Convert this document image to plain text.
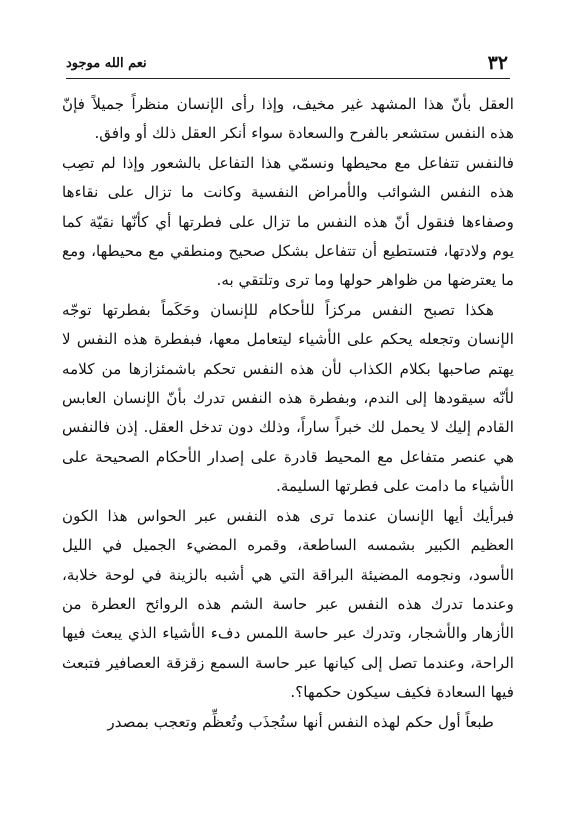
٣٢
نعم الله موجود

العقل بأنّ هذا المشهد غير مخيف، وإذا رأى الإنسان منظراً جميلاً فإنّ هذه النفس ستشعر بالفرح والسعادة سواء أنكر العقل ذلك أو وافق.

فالنفس تتفاعل مع محيطها ونسمّي هذا التفاعل بالشعور وإذا لم تصِب هذه النفس الشوائب والأمراض النفسية وكانت ما تزال على نقاءها وصفاءها فنقول أنّ هذه النفس ما تزال على فطرتها أي كأنّها نقيّة كما يوم ولادتها، فتستطيع أن تتفاعل بشكل صحيح ومنطقي مع محيطها، ومع ما يعترضها من ظواهر حولها وما ترى وتلتقي به.

هكذا تصبح النفس مركزاً للأحكام للإنسان وحَكَماً بفطرتها توجّه الإنسان وتجعله يحكم على الأشياء ليتعامل معها، فبفطرة هذه النفس لا يهتم صاحبها بكلام الكذاب لأن هذه النفس تحكم باشمئزازها من كلامه لأنّه سيقودها إلى الندم، وبفطرة هذه النفس تدرك بأنّ الإنسان العابس القادم إليك لا يحمل لك خبراً ساراً، وذلك دون تدخل العقل. إذن فالنفس هي عنصر متفاعل مع المحيط قادرة على إصدار الأحكام الصحيحة على الأشياء ما دامت على فطرتها السليمة.

فبرأيك أيها الإنسان عندما ترى هذه النفس عبر الحواس هذا الكون العظيم الكبير بشمسه الساطعة، وقمره المضيء الجميل في الليل الأسود، ونجومه المضيئة البراقة التي هي أشبه بالزينة في لوحة خلابة، وعندما تدرك هذه النفس عبر حاسة الشم هذه الروائح العطرة من الأزهار والأشجار، وتدرك عبر حاسة اللمس دفء الأشياء الذي يبعث فيها الراحة، وعندما تصل إلى كيانها عبر حاسة السمع زقزقة العصافير فتبعث فيها السعادة فكيف سيكون حكمها؟.

طبعاً أول حكم لهذه النفس أنها ستُجذَب وتُعظِّم وتعجب بمصدر
